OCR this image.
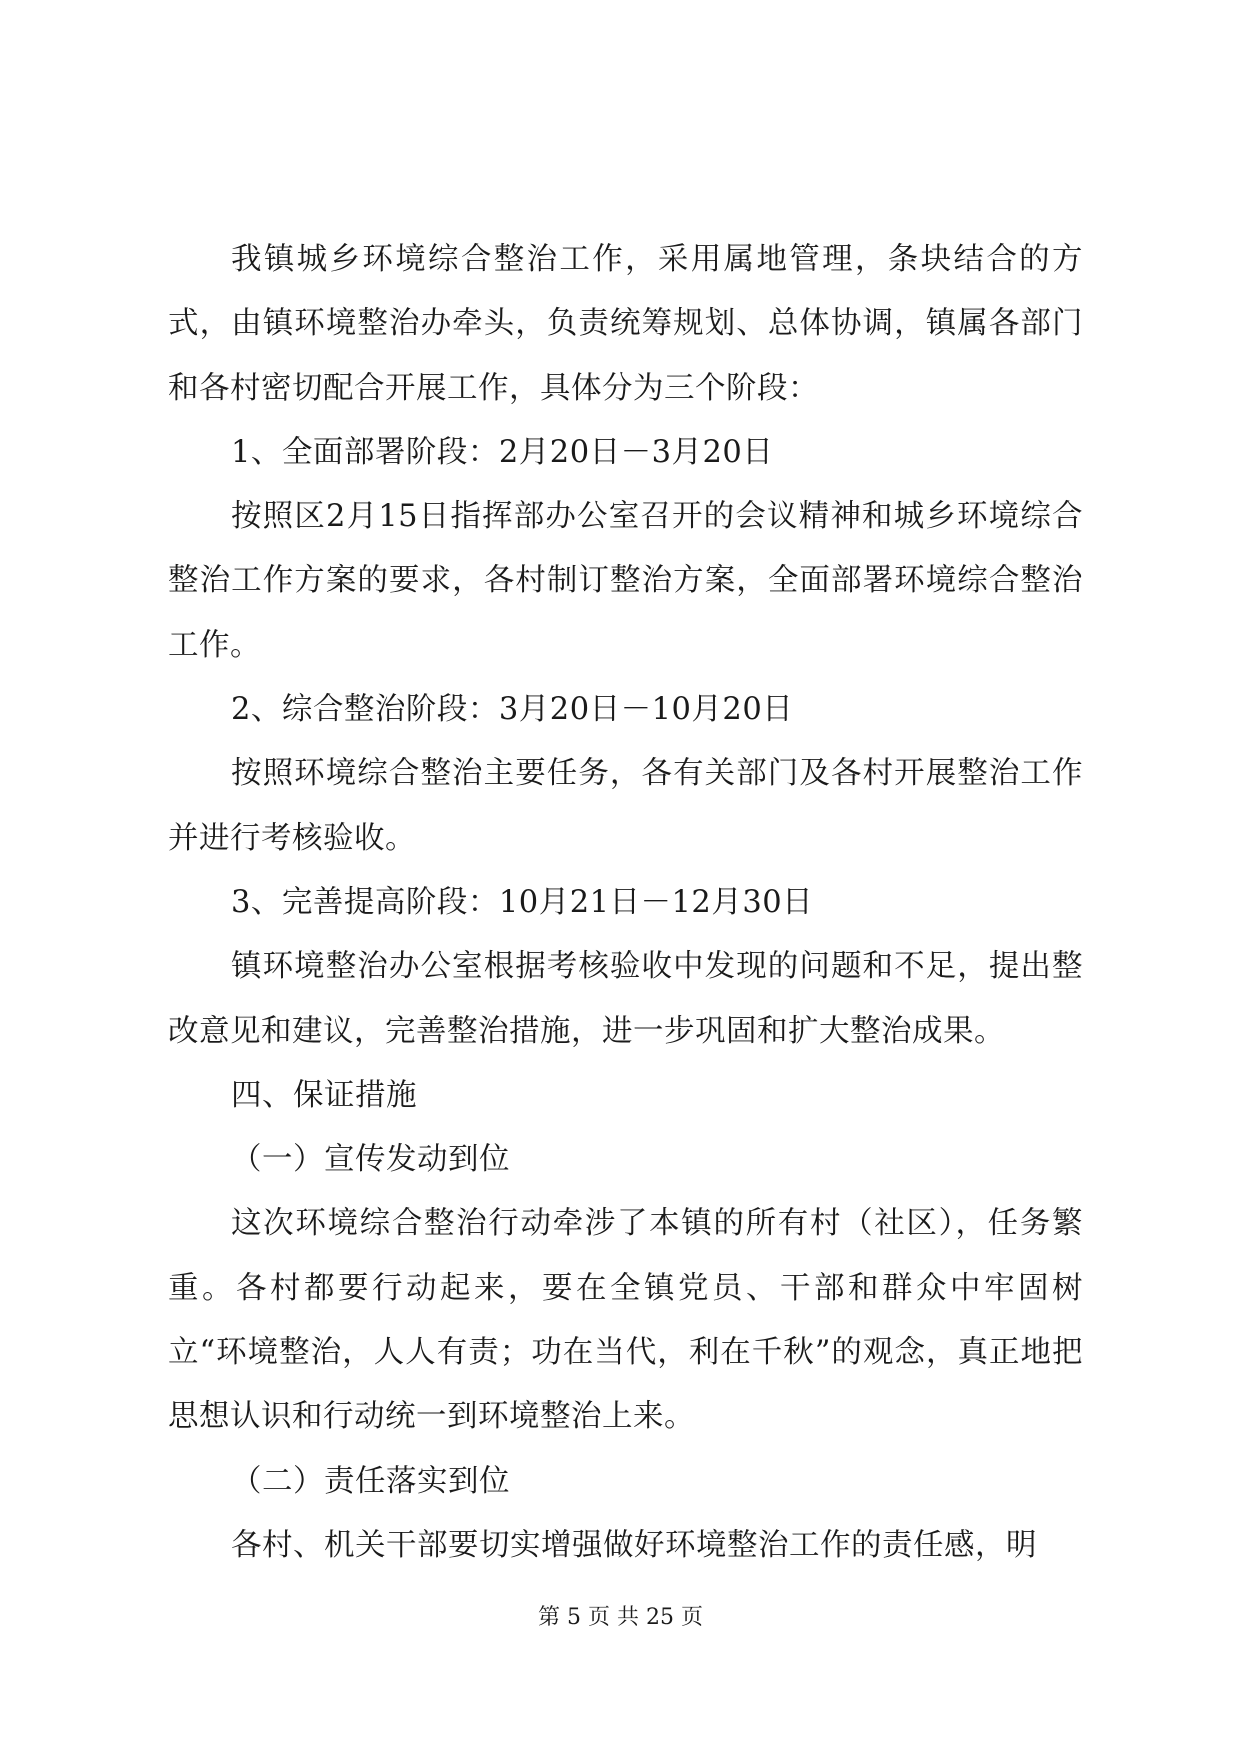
我镇城乡环境综合整治工作，采用属地管理，条块结合的方式，由镇环境整治办牵头，负责统筹规划、总体协调，镇属各部门和各村密切配合开展工作，具体分为三个阶段：

1、全面部署阶段：2月20日－3月20日

按照区2月15日指挥部办公室召开的会议精神和城乡环境综合整治工作方案的要求，各村制订整治方案，全面部署环境综合整治工作。

2、综合整治阶段：3月20日－10月20日

按照环境综合整治主要任务，各有关部门及各村开展整治工作并进行考核验收。

3、完善提高阶段：10月21日－12月30日

镇环境整治办公室根据考核验收中发现的问题和不足，提出整改意见和建议，完善整治措施，进一步巩固和扩大整治成果。

四、保证措施

（一）宣传发动到位

这次环境综合整治行动牵涉了本镇的所有村（社区），任务繁重。各村都要行动起来，要在全镇党员、干部和群众中牢固树立“环境整治，人人有责；功在当代，利在千秋”的观念，真正地把思想认识和行动统一到环境整治上来。

（二）责任落实到位

各村、机关干部要切实增强做好环境整治工作的责任感，明

第 5 页 共 25 页
